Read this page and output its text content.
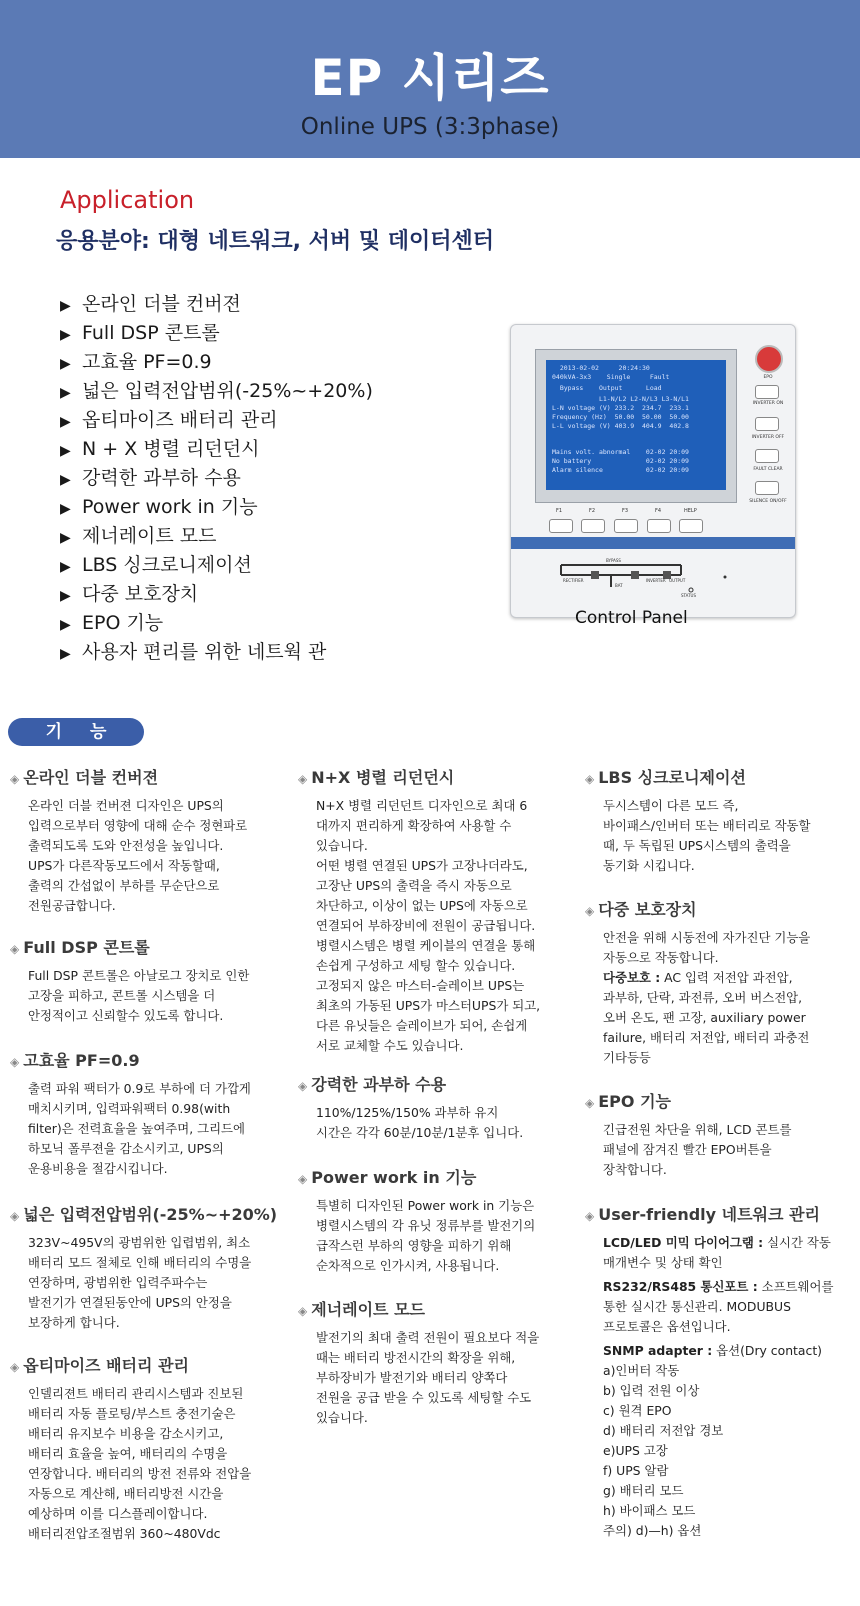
EP 시리즈
Online UPS (3:3phase)
Application
응용분야: 대형 네트워크, 서버 및 데이터센터
▶ 온라인 더블 컨버젼
▶ Full DSP 콘트롤
▶ 고효율 PF=0.9
▶ 넓은 입력전압범위(-25%~+20%)
▶ 옵티마이즈 배터리 관리
▶ N + X 병렬 리던던시
▶ 강력한 과부하 수용
▶ Power work in 기능
▶ 제너레이트 모드
▶ LBS 싱크로니제이션
▶ 다중 보호장치
▶ EPO 기능
▶ 사용자 편리를 위한 네트웍 관
2013-02-02     20:24:30
040kVA-3x3    Single     Fault
Bypass    Output      Load
L1-N/L2 L2-N/L3 L3-N/L1
L-N voltage (V) 233.2  234.7  233.1
Frequency (Hz)  50.00  50.00  50.00
L-L voltage (V) 403.9  404.9  402.8
Mains volt. abnormal    02-02 20:09
No battery              02-02 20:09
Alarm silence           02-02 20:09
F1	F2	F3	F4	HELP
EPO
INVERTER ON
INVERTER OFF
FAULT CLEAR
SILENCE ON/OFF
BYPASS
RECTIFIER	INVERTER OUTPUT
BAT
STATUS
Control Panel
기능
◈ 온라인 더블 컨버젼

온라인 더블 컨버젼 디자인은 UPS의

입력으로부터 영향에 대해 순수 정현파로

출력되도록 도와 안전성을 높입니다.

UPS가 다른작동모드에서 작동할때,

출력의 간섭없이 부하를 무순단으로

전원공급합니다.

◈ Full DSP 콘트롤

Full DSP 콘트롤은 아날로그 장치로 인한

고장을 피하고, 콘트롤 시스템을 더

안정적이고 신뢰할수 있도록 합니다.

◈ 고효율 PF=0.9

출력 파워 팩터가 0.9로 부하에 더 가깝게

매치시키며, 입력파워팩터 0.98(with

filter)은 전력효율을 높여주며, 그리드에

하모닉 폴루젼을 감소시키고, UPS의

운용비용을 절감시킵니다.

◈ 넓은 입력전압범위(-25%~+20%)

323V~495V의 광범위한 입렵범위, 최소

배터리 모드 절체로 인해 배터리의 수명을

연장하며, 광범위한 입력주파수는

발전기가 연결된동안에 UPS의 안정을

보장하게 합니다.

◈ 옵티마이즈 배터리 관리

인델리젼트 배터리 관리시스템과 진보된

배터리 자동 플로팅/부스트 충전기술은

배터리 유지보수 비용을 감소시키고,

배터리 효율을 높여, 배터리의 수명을

연장합니다. 배터리의 방전 전류와 전압을

자동으로 계산해, 배터리방전 시간을

예상하며 이를 디스플레이합니다.

배터리전압조절범위 360~480Vdc

◈ N+X 병렬 리던던시

N+X 병렬 리던던트 디자인으로 최대 6

대까지 편리하게 확장하여 사용할 수

있습니다.

어떤 병렬 연결된 UPS가 고장나더라도,

고장난 UPS의 출력을 즉시 자동으로

차단하고, 이상이 없는 UPS에 자동으로

연결되어 부하장비에 전원이 공급됩니다.

병렬시스템은 병렬 케이블의 연결을 통해

손쉽게 구성하고 세팅 할수 있습니다.

고정되지 않은 마스터-슬레이브 UPS는

최초의 가동된 UPS가 마스터UPS가 되고,

다른 유닛들은 슬레이브가 되어, 손쉽게

서로 교체할 수도 있습니다.

◈ 강력한 과부하 수용

110%/125%/150% 과부하 유지

시간은 각각 60분/10분/1분후 입니다.

◈ Power work in 기능

특별히 디자인된 Power work in 기능은

병렬시스템의 각 유닛 정류부를 발전기의

급작스런 부하의 영향을 피하기 위해

순차적으로 인가시켜, 사용됩니다.

◈ 제너레이트 모드

발전기의 최대 출력 전원이 필요보다 적을

때는 배터리 방전시간의 확장을 위해,

부하장비가 발전기와 배터리 양쪽다

전원을 공급 받을 수 있도록 세팅할 수도

있습니다.

◈ LBS 싱크로니제이션

두시스템이 다른 모드 즉,

바이패스/인버터 또는 배터리로 작동할

때, 두 독립된 UPS시스템의 출력을

동기화 시킵니다.

◈ 다중 보호장치

안전을 위해 시동전에 자가진단 기능을

자동으로 작동합니다.

다중보호 : AC 입력 저전압 과전압,

과부하, 단락, 과전류, 오버 버스전압,

오버 온도, 팬 고장, auxiliary power

failure, 배터리 저전압, 배터리 과충전

기타등등

◈ EPO 기능

긴급전원 차단을 위해, LCD 콘트를

패널에 잠겨진 빨간 EPO버튼을

장착합니다.

◈ User-friendly 네트워크 관리

LCD/LED 미믹 다이어그램 : 실시간 작동

매개변수 및 상태 확인

RS232/RS485 통신포트 : 소프트웨어를

통한 실시간 통신관리. MODUBUS

프로토콜은 옵션입니다.

SNMP adapter : 옵션(Dry contact)

a)인버터 작동

b) 입력 전원 이상

c) 원격 EPO

d) 배터리 저전압 경보

e)UPS 고장

f) UPS 알람

g) 배터리 모드

h) 바이패스 모드

주의) d)—h) 옵션
